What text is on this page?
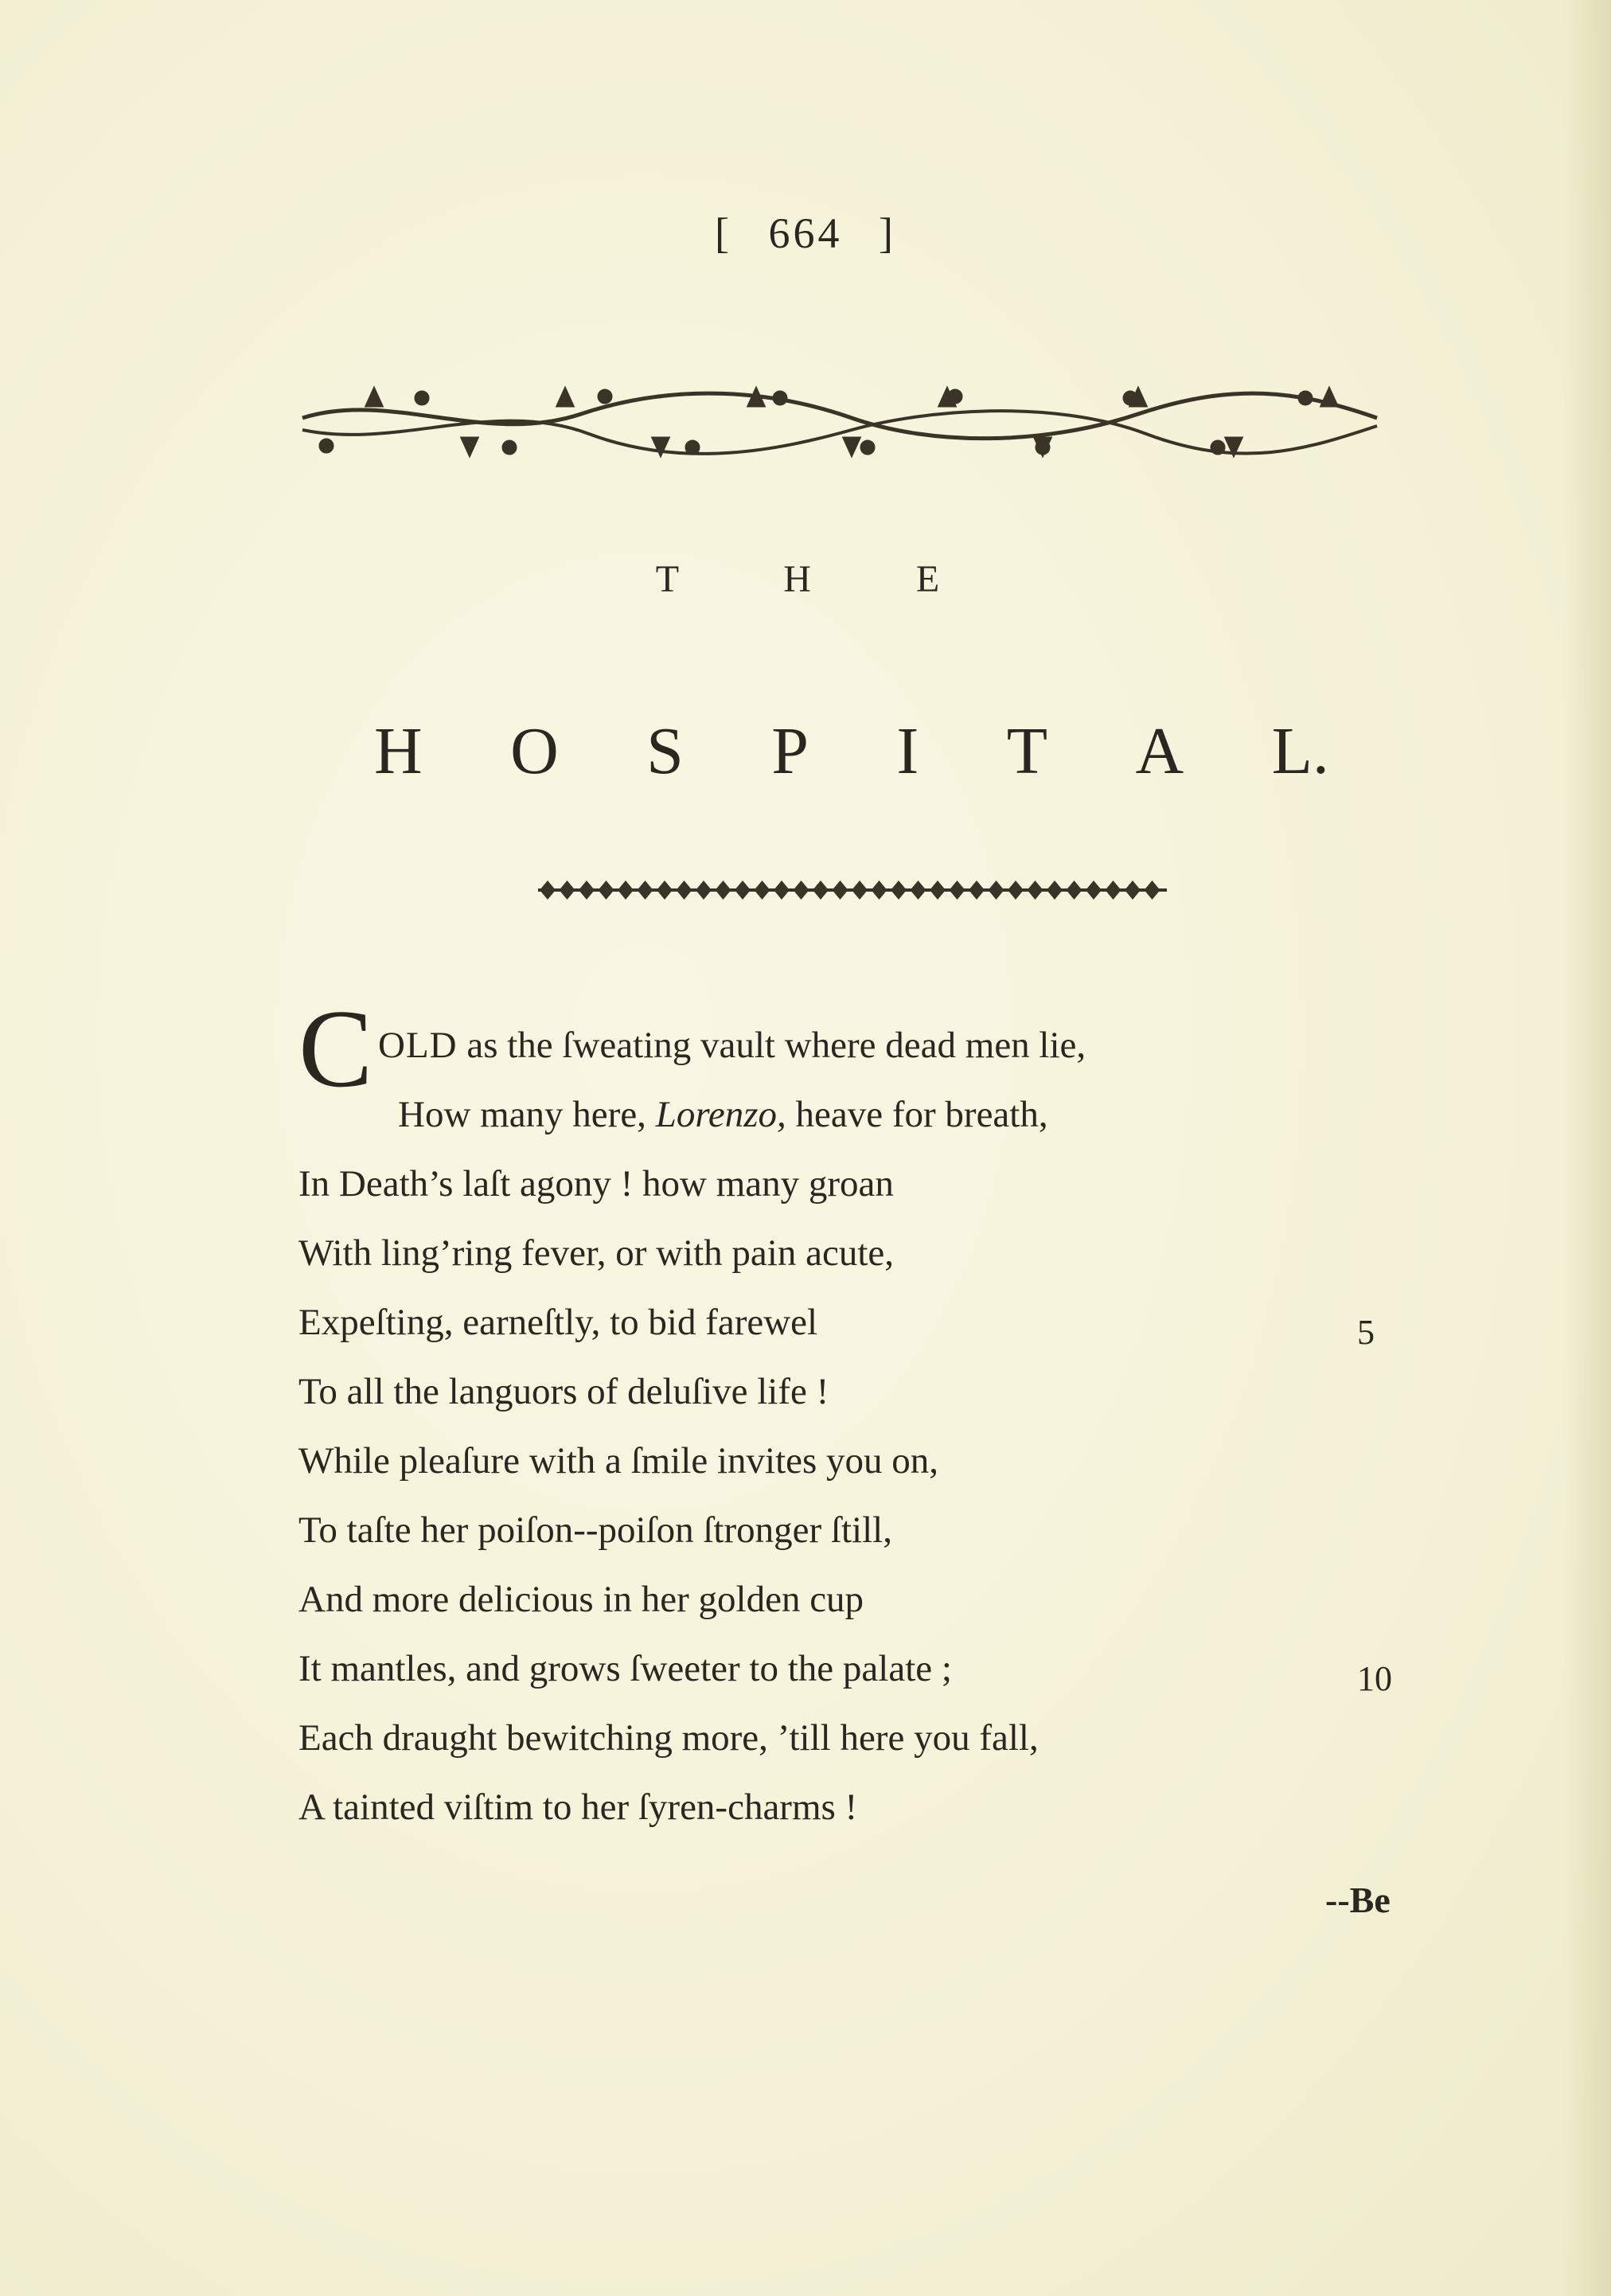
[ 664 ]
T H E
H O S P I T A L.
C OLD as the ſweating vault where dead men lie,
How many here, Lorenzo, heave for breath,
In Death’s laſt agony ! how many groan
With ling’ring fever, or with pain acute,
Expeſting, earneſtly, to bid farewel	5
To all the languors of deluſive life !
While pleaſure with a ſmile invites you on,
To taſte her poiſon--poiſon ſtronger ſtill,
And more delicious in her golden cup
It mantles, and grows ſweeter to the palate ;	10
Each draught bewitching more, ’till here you fall,
A tainted viſtim to her ſyren-charms !
--Be
